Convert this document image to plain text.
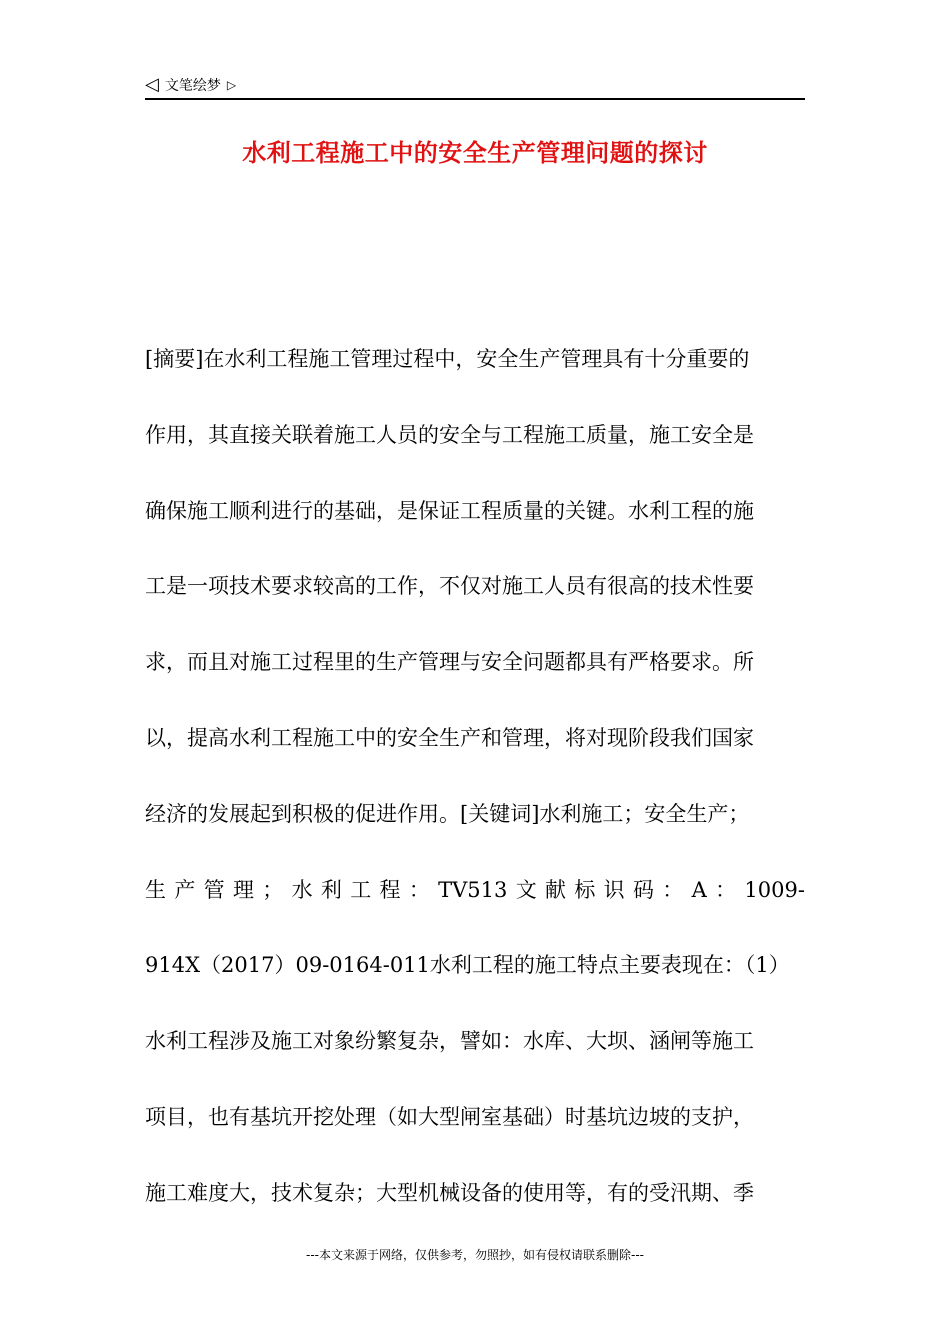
◁ 文笔绘梦 ▷
水利工程施工中的安全生产管理问题的探讨
[摘要]在水利工程施工管理过程中，安全生产管理具有十分重要的
作用，其直接关联着施工人员的安全与工程施工质量，施工安全是
确保施工顺利进行的基础，是保证工程质量的关键。水利工程的施
工是一项技术要求较高的工作，不仅对施工人员有很高的技术性要
求，而且对施工过程里的生产管理与安全问题都具有严格要求。所
以，提高水利工程施工中的安全生产和管理，将对现阶段我们国家
经济的发展起到积极的促进作用。[关键词]水利施工；安全生产；
生 产 管 理 ； 水 利 工 程 ： TV513 文 献 标 识 码 ： A ： 1009-
914X（2017）09-0164-011水利工程的施工特点主要表现在：（1）
水利工程涉及施工对象纷繁复杂，譬如：水库、大坝、涵闸等施工
项目，也有基坑开挖处理（如大型闸室基础）时基坑边坡的支护，
施工难度大，技术复杂；大型机械设备的使用等，有的受汛期、季
---本文来源于网络，仅供参考，勿照抄，如有侵权请联系删除---
